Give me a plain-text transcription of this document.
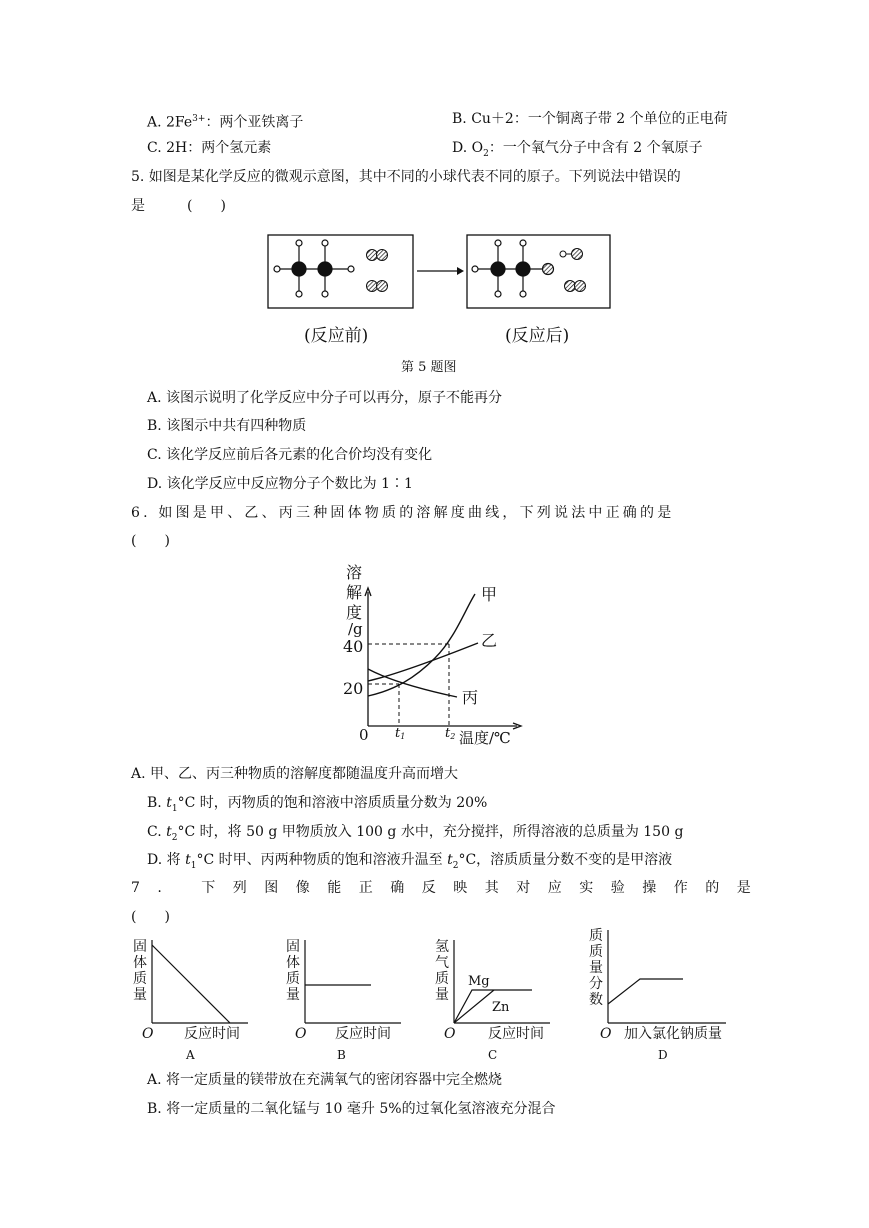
A. $2Fe^{3+}$：两个亚铁离子	B. Cu＋2：一个铜离子带 2 个单位的正电荷
C. 2H：两个氢元素	D. $O_2$：一个氧气分子中含有 2 个氧原子
5. 如图是某化学反应的微观示意图，其中不同的小球代表不同的原子。下列说法中错误的
是　　　(　　)
(反应前)	(反应后)
第 5 题图
A. 该图示说明了化学反应中分子可以再分，原子不能再分
B. 该图示中共有四种物质
C. 该化学反应前后各元素的化合价均没有变化
D. 该化学反应中反应物分子个数比为 1∶1
6. 如图是甲、乙、丙三种固体物质的溶解度曲线，下列说法中正确的是
(　　)
溶
解
度
/g
40
20
0 t1	t2 温度/℃
甲
乙
丙
A. 甲、乙、丙三种物质的溶解度都随温度升高而增大
B. $t_1^\circ C$ 时，丙物质的饱和溶液中溶质质量分数为 20%
C. $t_2^\circ C$ 时，将 50 g 甲物质放入 100 g 水中，充分搅拌，所得溶液的总质量为 150 g
D. 将 $t_1^\circ C$ 时甲、丙两种物质的饱和溶液升温至 $t_2^\circ C$，溶质质量分数不变的是甲溶液
7. 下列图像能正确反映其对应实验操作的是
(　　)
固
体
质
量
O 反应时间
A
固
体
质
量
O 反应时间
B
氢
气
质
量
Mg
Zn
O 反应时间
C
质
质
量
分
数
O 加入氯化钠质量
D
A. 将一定质量的镁带放在充满氧气的密闭容器中完全燃烧
B. 将一定质量的二氧化锰与 10 毫升 5%的过氧化氢溶液充分混合
